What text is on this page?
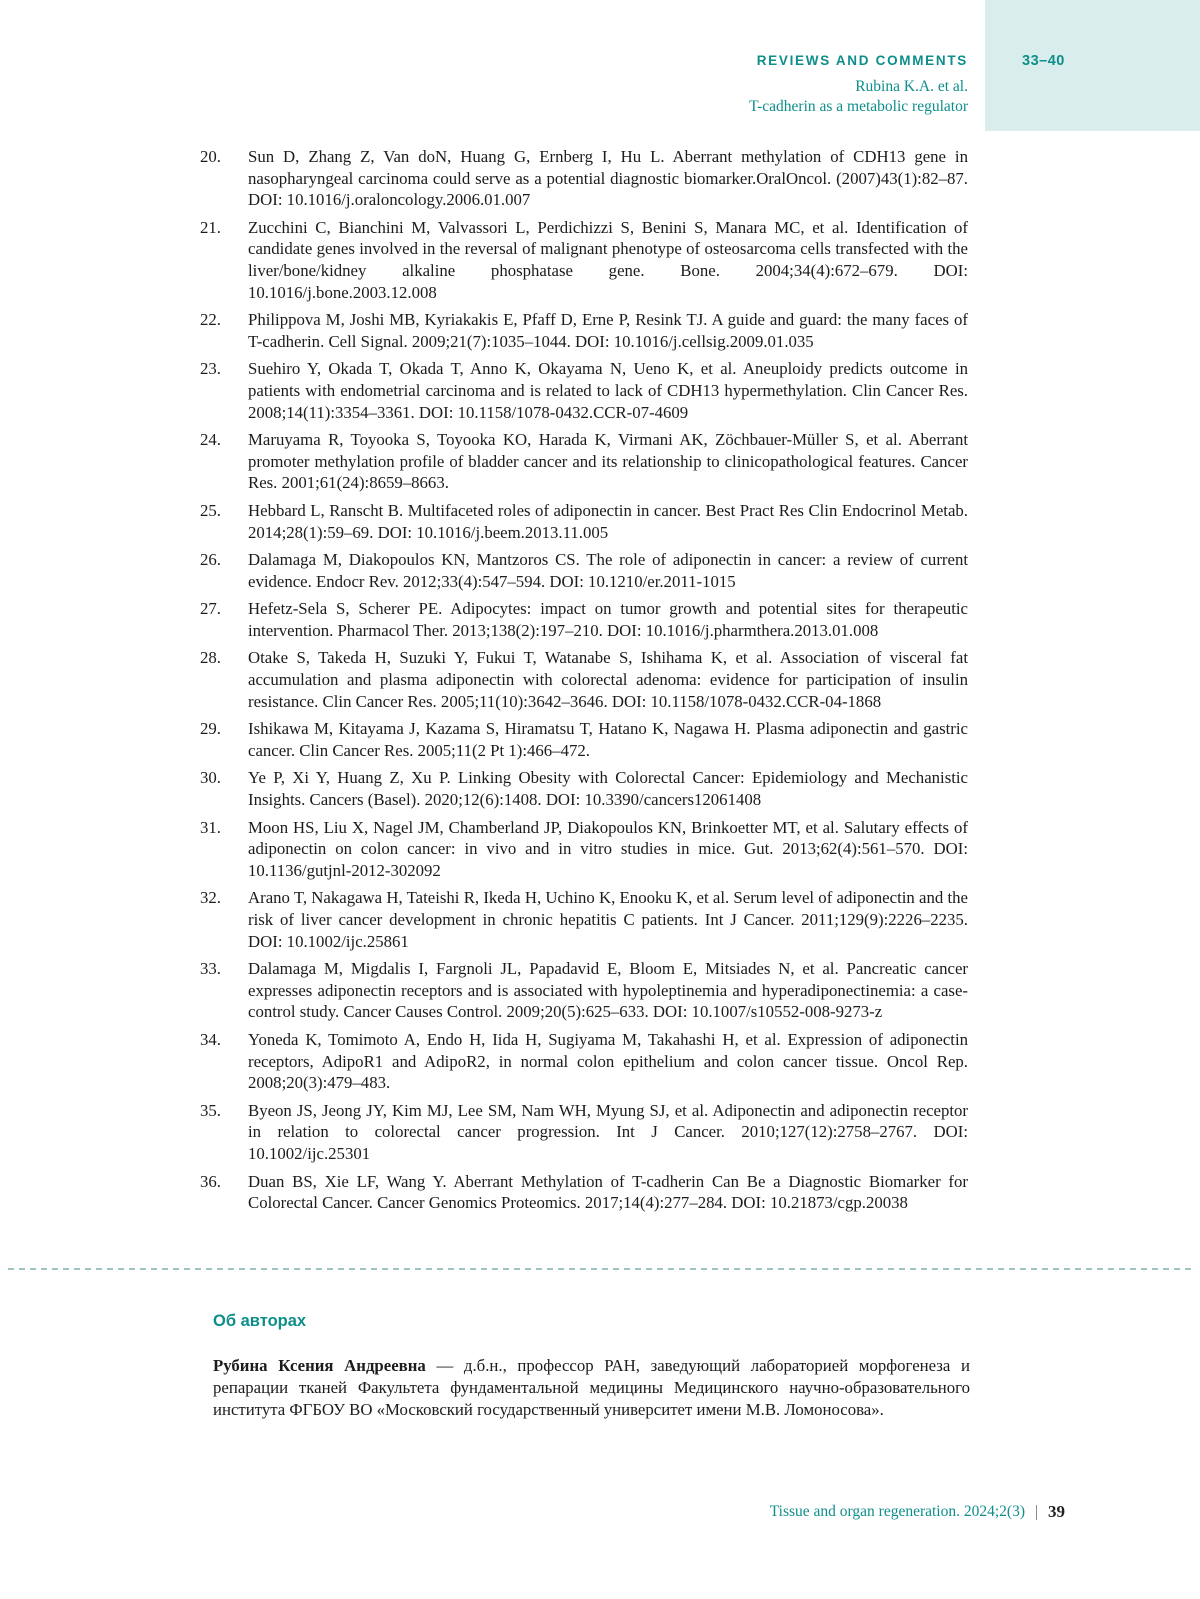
33–40
REVIEWS AND COMMENTS
Rubina K.A. et al.
T-cadherin as a metabolic regulator
20.	Sun D, Zhang Z, Van doN, Huang G, Ernberg I, Hu L. Aberrant methylation of CDH13 gene in nasopharyngeal carcinoma could serve as a potential diagnostic biomarker.OralOncol. (2007)43(1):82–87. DOI: 10.1016/j.oraloncology.2006.01.007
21.	Zucchini C, Bianchini M, Valvassori L, Perdichizzi S, Benini S, Manara MC, et al. Identification of candidate genes involved in the reversal of malignant phenotype of osteosarcoma cells transfected with the liver/bone/kidney alkaline phosphatase gene. Bone. 2004;34(4):672–679. DOI: 10.1016/j.bone.2003.12.008
22.	Philippova M, Joshi MB, Kyriakakis E, Pfaff D, Erne P, Resink TJ. A guide and guard: the many faces of T-cadherin. Cell Signal. 2009;21(7):1035–1044. DOI: 10.1016/j.cellsig.2009.01.035
23.	Suehiro Y, Okada T, Okada T, Anno K, Okayama N, Ueno K, et al. Aneuploidy predicts outcome in patients with endometrial carcinoma and is related to lack of CDH13 hypermethylation. Clin Cancer Res. 2008;14(11):3354–3361. DOI: 10.1158/1078-0432.CCR-07-4609
24.	Maruyama R, Toyooka S, Toyooka KO, Harada K, Virmani AK, Zöchbauer-Müller S, et al. Aberrant promoter methylation profile of bladder cancer and its relationship to clinicopathological features. Cancer Res. 2001;61(24):8659–8663.
25.	Hebbard L, Ranscht B. Multifaceted roles of adiponectin in cancer. Best Pract Res Clin Endocrinol Metab. 2014;28(1):59–69. DOI: 10.1016/j.beem.2013.11.005
26.	Dalamaga M, Diakopoulos KN, Mantzoros CS. The role of adiponectin in cancer: a review of current evidence. Endocr Rev. 2012;33(4):547–594. DOI: 10.1210/er.2011-1015
27.	Hefetz-Sela S, Scherer PE. Adipocytes: impact on tumor growth and potential sites for therapeutic intervention. Pharmacol Ther. 2013;138(2):197–210. DOI: 10.1016/j.pharmthera.2013.01.008
28.	Otake S, Takeda H, Suzuki Y, Fukui T, Watanabe S, Ishihama K, et al. Association of visceral fat accumulation and plasma adiponectin with colorectal adenoma: evidence for participation of insulin resistance. Clin Cancer Res. 2005;11(10):3642–3646. DOI: 10.1158/1078-0432.CCR-04-1868
29.	Ishikawa M, Kitayama J, Kazama S, Hiramatsu T, Hatano K, Nagawa H. Plasma adiponectin and gastric cancer. Clin Cancer Res. 2005;11(2 Pt 1):466–472.
30.	Ye P, Xi Y, Huang Z, Xu P. Linking Obesity with Colorectal Cancer: Epidemiology and Mechanistic Insights. Cancers (Basel). 2020;12(6):1408. DOI: 10.3390/cancers12061408
31.	Moon HS, Liu X, Nagel JM, Chamberland JP, Diakopoulos KN, Brinkoetter MT, et al. Salutary effects of adiponectin on colon cancer: in vivo and in vitro studies in mice. Gut. 2013;62(4):561–570. DOI: 10.1136/gutjnl-2012-302092
32.	Arano T, Nakagawa H, Tateishi R, Ikeda H, Uchino K, Enooku K, et al. Serum level of adiponectin and the risk of liver cancer development in chronic hepatitis C patients. Int J Cancer. 2011;129(9):2226–2235. DOI: 10.1002/ijc.25861
33.	Dalamaga M, Migdalis I, Fargnoli JL, Papadavid E, Bloom E, Mitsiades N, et al. Pancreatic cancer expresses adiponectin receptors and is associated with hypoleptinemia and hyperadiponectinemia: a case-control study. Cancer Causes Control. 2009;20(5):625–633. DOI: 10.1007/s10552-008-9273-z
34.	Yoneda K, Tomimoto A, Endo H, Iida H, Sugiyama M, Takahashi H, et al. Expression of adiponectin receptors, AdipoR1 and AdipoR2, in normal colon epithelium and colon cancer tissue. Oncol Rep. 2008;20(3):479–483.
35.	Byeon JS, Jeong JY, Kim MJ, Lee SM, Nam WH, Myung SJ, et al. Adiponectin and adiponectin receptor in relation to colorectal cancer progression. Int J Cancer. 2010;127(12):2758–2767. DOI: 10.1002/ijc.25301
36.	Duan BS, Xie LF, Wang Y. Aberrant Methylation of T-cadherin Can Be a Diagnostic Biomarker for Colorectal Cancer. Cancer Genomics Proteomics. 2017;14(4):277–284. DOI: 10.21873/cgp.20038
Об авторах

Рубина Ксения Андреевна — д.б.н., профессор РАН, заведующий лабораторией морфогенеза и репарации тканей Факультета фундаментальной медицины Медицинского научно-образовательного института ФГБОУ ВО «Московский государственный университет имени М.В. Ломоносова».

Tissue and organ regeneration. 2024;2(3) 39
